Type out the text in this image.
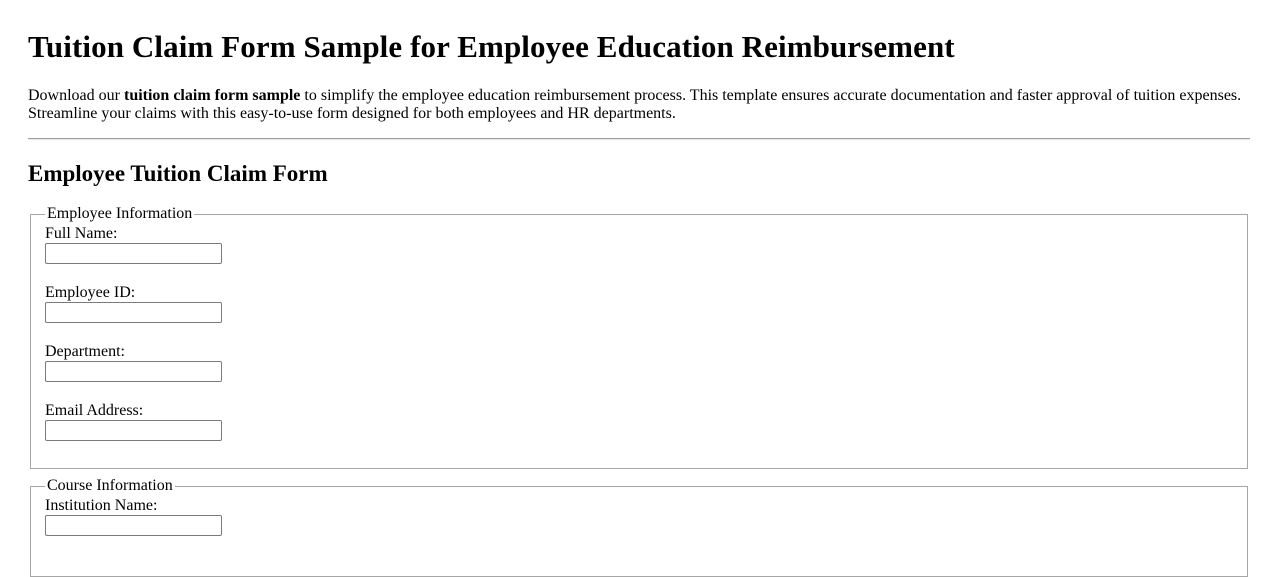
Tuition Claim Form Sample for Employee Education Reimbursement

Download our tuition claim form sample to simplify the employee education reimbursement process. This template ensures accurate documentation and faster approval of tuition expenses. Streamline your claims with this easy-to-use form designed for both employees and HR departments.

Employee Tuition Claim Form
Employee Information
Full Name:
Employee ID:
Department:
Email Address:
Course Information
Institution Name:
